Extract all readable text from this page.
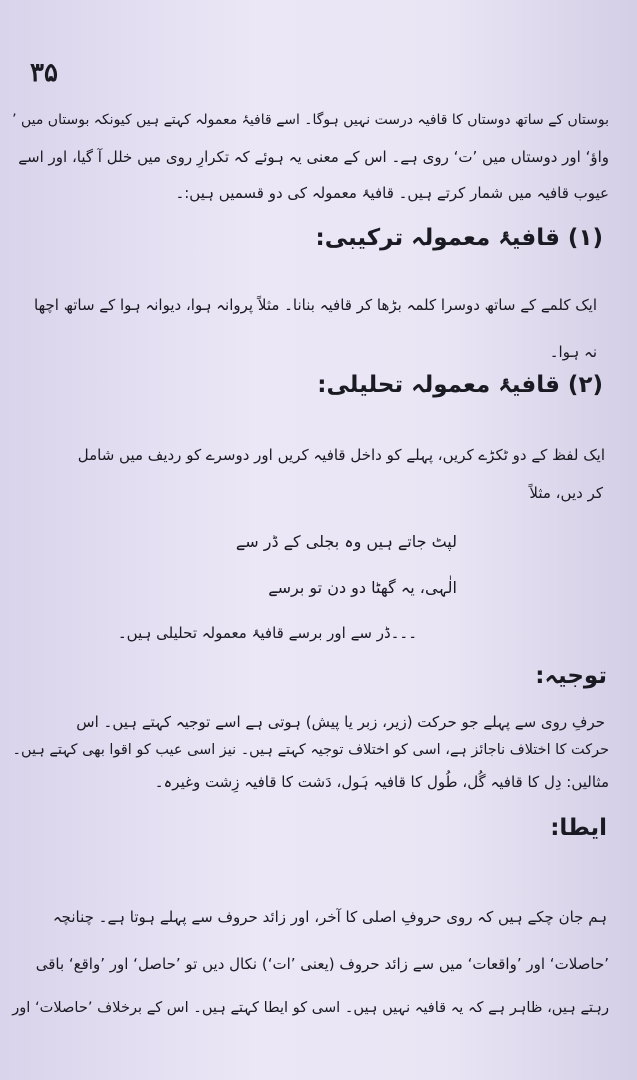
۳۵
بوستاں کے ساتھ دوستاں کا قافیہ درست نہیں ہوگا۔ اسے قافیۂ معمولہ کہتے ہیں کیونکہ بوستاں میں ’
واؤ‘ اور دوستاں میں ’ت‘ روی ہے۔ اس کے معنی یہ ہوئے کہ تکرارِ روی میں خلل آ گیا، اور اسے
عیوب قافیہ میں شمار کرتے ہیں۔ قافیۂ معمولہ کی دو قسمیں ہیں:۔
(۱) قافیۂ معمولہ ترکیبی:
ایک کلمے کے ساتھ دوسرا کلمہ بڑھا کر قافیہ بنانا۔ مثلاً پروانہ ہوا، دیوانہ ہوا کے ساتھ اچھا
نہ ہوا۔
(۲) قافیۂ معمولہ تحلیلی:
ایک لفظ کے دو ٹکڑے کریں، پہلے کو داخل قافیہ کریں اور دوسرے کو ردیف میں شامل
کر دیں، مثلاً
لپٹ جاتے ہیں وہ بجلی کے ڈر سے
الٰہی، یہ گھٹا دو دن تو برسے
۔۔۔ڈر سے اور برسے قافیۂ معمولہ تحلیلی ہیں۔
توجیہ:
حرفِ روی سے پہلے جو حرکت (زیر، زبر یا پیش) ہوتی ہے اسے توجیہ کہتے ہیں۔ اس
حرکت کا اختلاف ناجائز ہے، اسی کو اختلاف توجیہ کہتے ہیں۔ نیز اسی عیب کو اقوا بھی کہتے ہیں۔
مثالیں: دِل کا قافیہ گُل، طُول کا قافیہ ہَول، دَشت کا قافیہ زِشت وغیرہ۔
ایطا:
ہم جان چکے ہیں کہ روی حروفِ اصلی کا آخر، اور زائد حروف سے پہلے ہوتا ہے۔ چنانچہ
’حاصلات‘ اور ’واقعات‘ میں سے زائد حروف (یعنی ’ات‘) نکال دیں تو ’حاصل‘ اور ’واقع‘ باقی
رہتے ہیں، ظاہر ہے کہ یہ قافیہ نہیں ہیں۔ اسی کو ایطا کہتے ہیں۔ اس کے برخلاف ’حاصلات‘ اور
